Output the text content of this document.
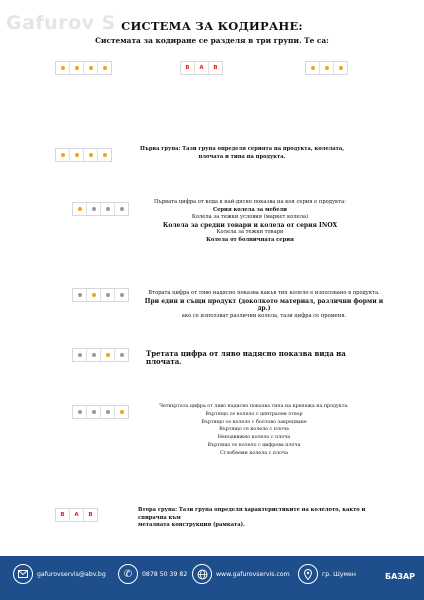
Gafurov S СИСТЕМА ЗА КОДИРАНЕ:
Системата за кодиране се разделя в три групи. Те са:
B A B
Първа група: Тази група определя серията на продукта, колелата, плочата и типа на продукта.
Първата цифра от кода в най-дясно показва на коя серия е продукта:
Серия колела за мебели
Колела за тежки условия (маркет колела)
Колела за средни товари и колела от серия INOX
Колела за тежки товари
Колела от болничната серия
Втората цифра от ляво надясно показва какъв тип колело е използвано в продукта.
При един и същи продукт (доколкото материал, различни форми и др.)
ако се използват различни колела, тази цифра се променя.
Третата цифра от ляво надясно показва вида на плочата.
Четвъртата цифра от ляво надясно показва типа на крепежа на продукта.
Въртящо се колело с централен отвор
Въртящо се колело с болтово закрепване
Въртящо се колело с плоча
Неподвижно колело с плоча
Въртящо се колело с цифрова плоча
Сглобяеми колела с плоча
B A B
Втора група: Тази група определя характеристиките на колелото, както и спирачна към
металната конструкция (рамката).
gafurovservis@abv.bg	✆	0878 50 39 82	www.gafurovservis.com	гр. Шумен	БАЗАР
